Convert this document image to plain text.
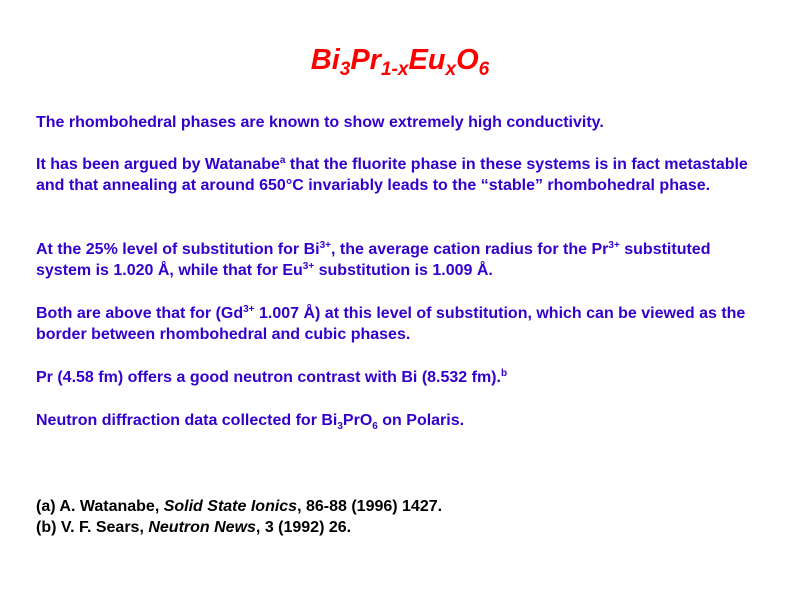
$Bi_3Pr_{1-x}Eu_xO_6$

The rhombohedral phases are known to show extremely high conductivity.

It has been argued by Watanabe$^a$ that the fluorite phase in these systems is in fact metastable and that annealing at around 650°C invariably leads to the “stable” rhombohedral phase.

At the 25% level of substitution for $Bi^{3+}$, the average cation radius for the $Pr^{3+}$ substituted system is 1.020 Å, while that for $Eu^{3+}$ substitution is 1.009 Å.

Both are above that for ($Gd^{3+}$ 1.007 Å) at this level of substitution, which can be viewed as the border between rhombohedral and cubic phases.

Pr (4.58 fm) offers a good neutron contrast with Bi (8.532 fm).$^b$

Neutron diffraction data collected for $Bi_3PrO_6$ on Polaris.

(a) A. Watanabe, Solid State Ionics, 86-88 (1996) 1427.

(b) V. F. Sears, Neutron News, 3 (1992) 26.
